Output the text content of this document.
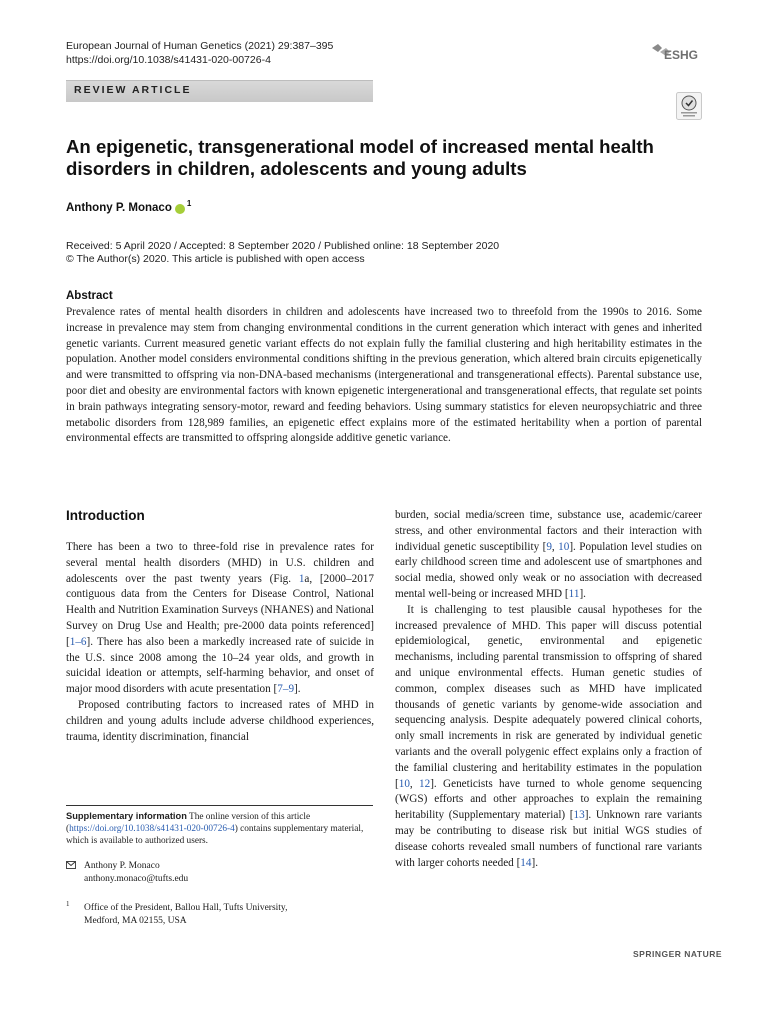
European Journal of Human Genetics (2021) 29:387–395
https://doi.org/10.1038/s41431-020-00726-4	ESHG
REVIEW ARTICLE
An epigenetic, transgenerational model of increased mental health disorders in children, adolescents and young adults
Anthony P. Monaco 1
Received: 5 April 2020 / Accepted: 8 September 2020 / Published online: 18 September 2020
© The Author(s) 2020. This article is published with open access
Abstract
Prevalence rates of mental health disorders in children and adolescents have increased two to threefold from the 1990s to 2016. Some increase in prevalence may stem from changing environmental conditions in the current generation which interact with genes and inherited genetic variants. Current measured genetic variant effects do not explain fully the familial clustering and high heritability estimates in the population. Another model considers environmental conditions shifting in the previous generation, which altered brain circuits epigenetically and were transmitted to offspring via non-DNA-based mechanisms (intergenerational and transgenerational effects). Parental substance use, poor diet and obesity are environmental factors with known epigenetic intergenerational and transgenerational effects, that regulate set points in brain pathways integrating sensory-motor, reward and feeding behaviors. Using summary statistics for eleven neuropsychiatric and three metabolic disorders from 128,989 families, an epigenetic effect explains more of the estimated heritability when a portion of parental environmental effects are transmitted to offspring alongside additive genetic variance.
Introduction

There has been a two to three-fold rise in prevalence rates for several mental health disorders (MHD) in U.S. children and adolescents over the past twenty years (Fig. 1a, [2000–2017 contiguous data from the Centers for Disease Control, National Health and Nutrition Examination Surveys (NHANES) and National Survey on Drug Use and Health; pre-2000 data points referenced] [1–6]. There has also been a markedly increased rate of suicide in the U.S. since 2008 among the 10–24 year olds, and growth in suicidal ideation or attempts, self-harming behavior, and onset of major mood disorders with acute presentation [7–9].

Proposed contributing factors to increased rates of MHD in children and young adults include adverse childhood experiences, trauma, identity discrimination, financial

burden, social media/screen time, substance use, academic/career stress, and other environmental factors and their interaction with individual genetic susceptibility [9, 10]. Population level studies on early childhood screen time and adolescent use of smartphones and social media, showed only weak or no association with decreased mental well-being or increased MHD [11].

It is challenging to test plausible causal hypotheses for the increased prevalence of MHD. This paper will discuss potential epidemiological, genetic, environmental and epigenetic mechanisms, including parental transmission to offspring of shared and unique environmental effects. Human genetic studies of common, complex diseases such as MHD have implicated thousands of genetic variants by genome-wide association and sequencing analysis. Despite adequately powered clinical cohorts, only small increments in risk are generated by individual genetic variants and the overall polygenic effect explains only a fraction of the familial clustering and heritability estimates in the population [10, 12]. Geneticists have turned to whole genome sequencing (WGS) efforts and other approaches to explain the remaining heritability (Supplementary material) [13]. Unknown rare variants may be contributing to disease risk but initial WGS studies of disease cohorts revealed small numbers of functional rare variants with larger cohorts needed [14].

Supplementary information The online version of this article (https://doi.org/10.1038/s41431-020-00726-4) contains supplementary material, which is available to authorized users.
Anthony P. Monaco
anthony.monaco@tufts.edu
1 Office of the President, Ballou Hall, Tufts University,
Medford, MA 02155, USA
SPRINGER NATURE
